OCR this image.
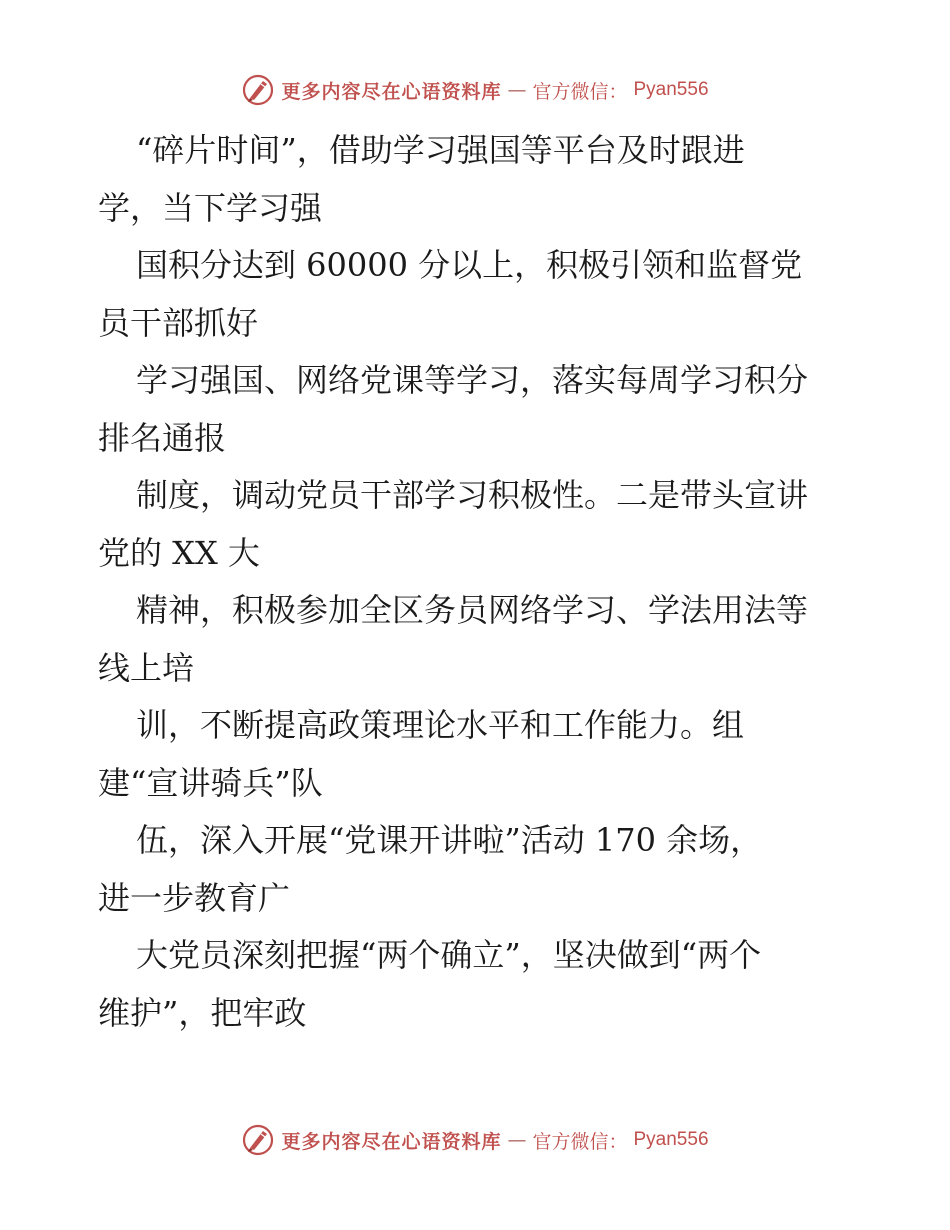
更多内容尽在心语资料库 — 官方微信： Pyan556
“碎片时间”，借助学习强国等平台及时跟进
学，当下学习强
国积分达到 60000 分以上，积极引领和监督党
员干部抓好
学习强国、网络党课等学习，落实每周学习积分
排名通报
制度，调动党员干部学习积极性。二是带头宣讲
党的 XX 大
精神，积极参加全区务员网络学习、学法用法等
线上培
训，不断提高政策理论水平和工作能力。组
建“宣讲骑兵”队
伍，深入开展“党课开讲啦”活动 170 余场，
进一步教育广
大党员深刻把握“两个确立”，坚决做到“两个
维护”，把牢政
更多内容尽在心语资料库 — 官方微信： Pyan556
